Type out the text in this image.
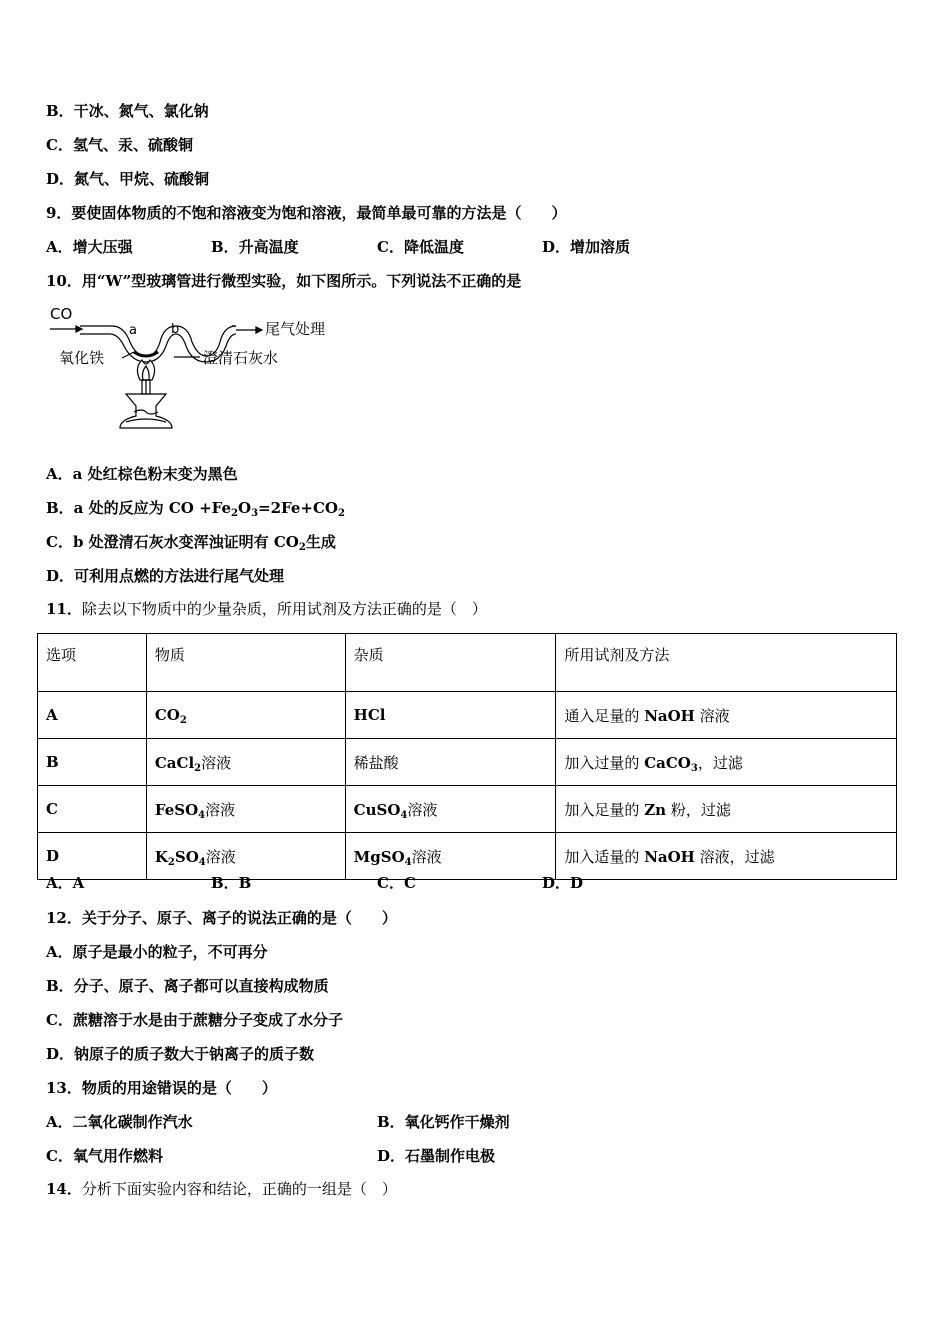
B．干冰、氮气、氯化钠
C．氢气、汞、硫酸铜
D．氮气、甲烷、硫酸铜
9．要使固体物质的不饱和溶液变为饱和溶液，最简单最可靠的方法是（　　）
A．增大压强	B．升高温度	C．降低温度	D．增加溶质
10．用“W”型玻璃管进行微型实验，如下图所示。下列说法不正确的是
CO
a	b	尾气处理
氧化铁	澄清石灰水
A．a 处红棕色粉末变为黑色
B．a 处的反应为 CO $+Fe_2O_3=2Fe+CO_2$
C．b 处澄清石灰水变浑浊证明有 $CO_2$生成
D．可利用点燃的方法进行尾气处理
11．除去以下物质中的少量杂质，所用试剂及方法正确的是（　）
选项	物质	杂质	所用试剂及方法
A	$CO_2$	HCl	通入足量的 NaOH 溶液
B	CaCl$_2$溶液	稀盐酸	加入过量的 CaCO$_3$，过滤
C	FeSO$_4$溶液	CuSO$_4$溶液	加入足量的 Zn 粉，过滤
D	$K_2SO_4$溶液	MgSO$_4$溶液	加入适量的 NaOH 溶液，过滤
A．A	B．B	C．C	D．D
12．关于分子、原子、离子的说法正确的是（　　）
A．原子是最小的粒子，不可再分
B．分子、原子、离子都可以直接构成物质
C．蔗糖溶于水是由于蔗糖分子变成了水分子
D．钠原子的质子数大于钠离子的质子数
13．物质的用途错误的是（　　）
A．二氧化碳制作汽水	B．氧化钙作干燥剂
C．氧气用作燃料	D．石墨制作电极
14．分析下面实验内容和结论，正确的一组是（　）
